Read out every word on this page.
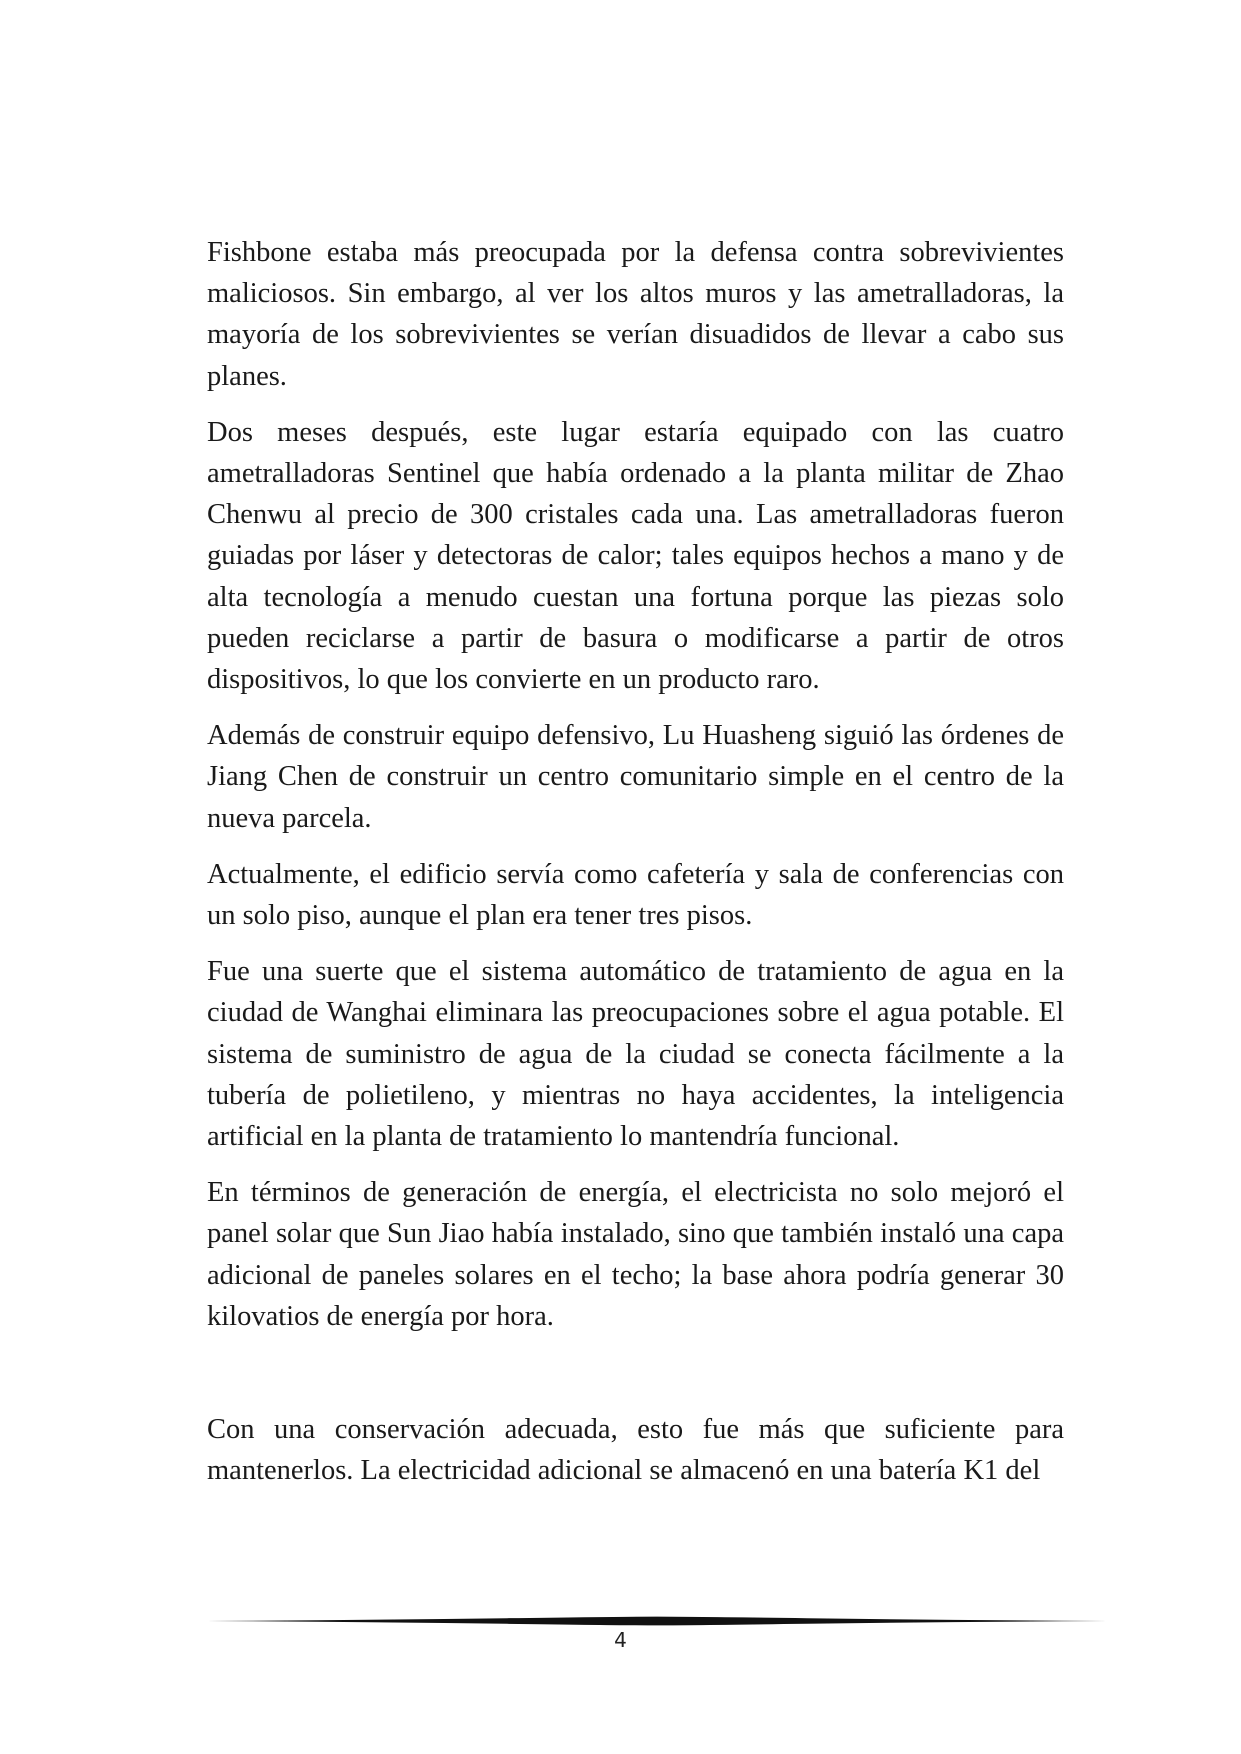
Fishbone estaba más preocupada por la defensa contra sobrevivientes maliciosos. Sin embargo, al ver los altos muros y las ametralladoras, la mayoría de los sobrevivientes se verían disuadidos de llevar a cabo sus planes.

Dos meses después, este lugar estaría equipado con las cuatro ametralladoras Sentinel que había ordenado a la planta militar de Zhao Chenwu al precio de 300 cristales cada una. Las ametralladoras fueron guiadas por láser y detectoras de calor; tales equipos hechos a mano y de alta tecnología a menudo cuestan una fortuna porque las piezas solo pueden reciclarse a partir de basura o modificarse a partir de otros dispositivos, lo que los convierte en un producto raro.

Además de construir equipo defensivo, Lu Huasheng siguió las órdenes de Jiang Chen de construir un centro comunitario simple en el centro de la nueva parcela.

Actualmente, el edificio servía como cafetería y sala de conferencias con un solo piso, aunque el plan era tener tres pisos.

Fue una suerte que el sistema automático de tratamiento de agua en la ciudad de Wanghai eliminara las preocupaciones sobre el agua potable. El sistema de suministro de agua de la ciudad se conecta fácilmente a la tubería de polietileno, y mientras no haya accidentes, la inteligencia artificial en la planta de tratamiento lo mantendría funcional.

En términos de generación de energía, el electricista no solo mejoró el panel solar que Sun Jiao había instalado, sino que también instaló una capa adicional de paneles solares en el techo; la base ahora podría generar 30 kilovatios de energía por hora.

Con una conservación adecuada, esto fue más que suficiente para mantenerlos. La electricidad adicional se almacenó en una batería K1 del

4
